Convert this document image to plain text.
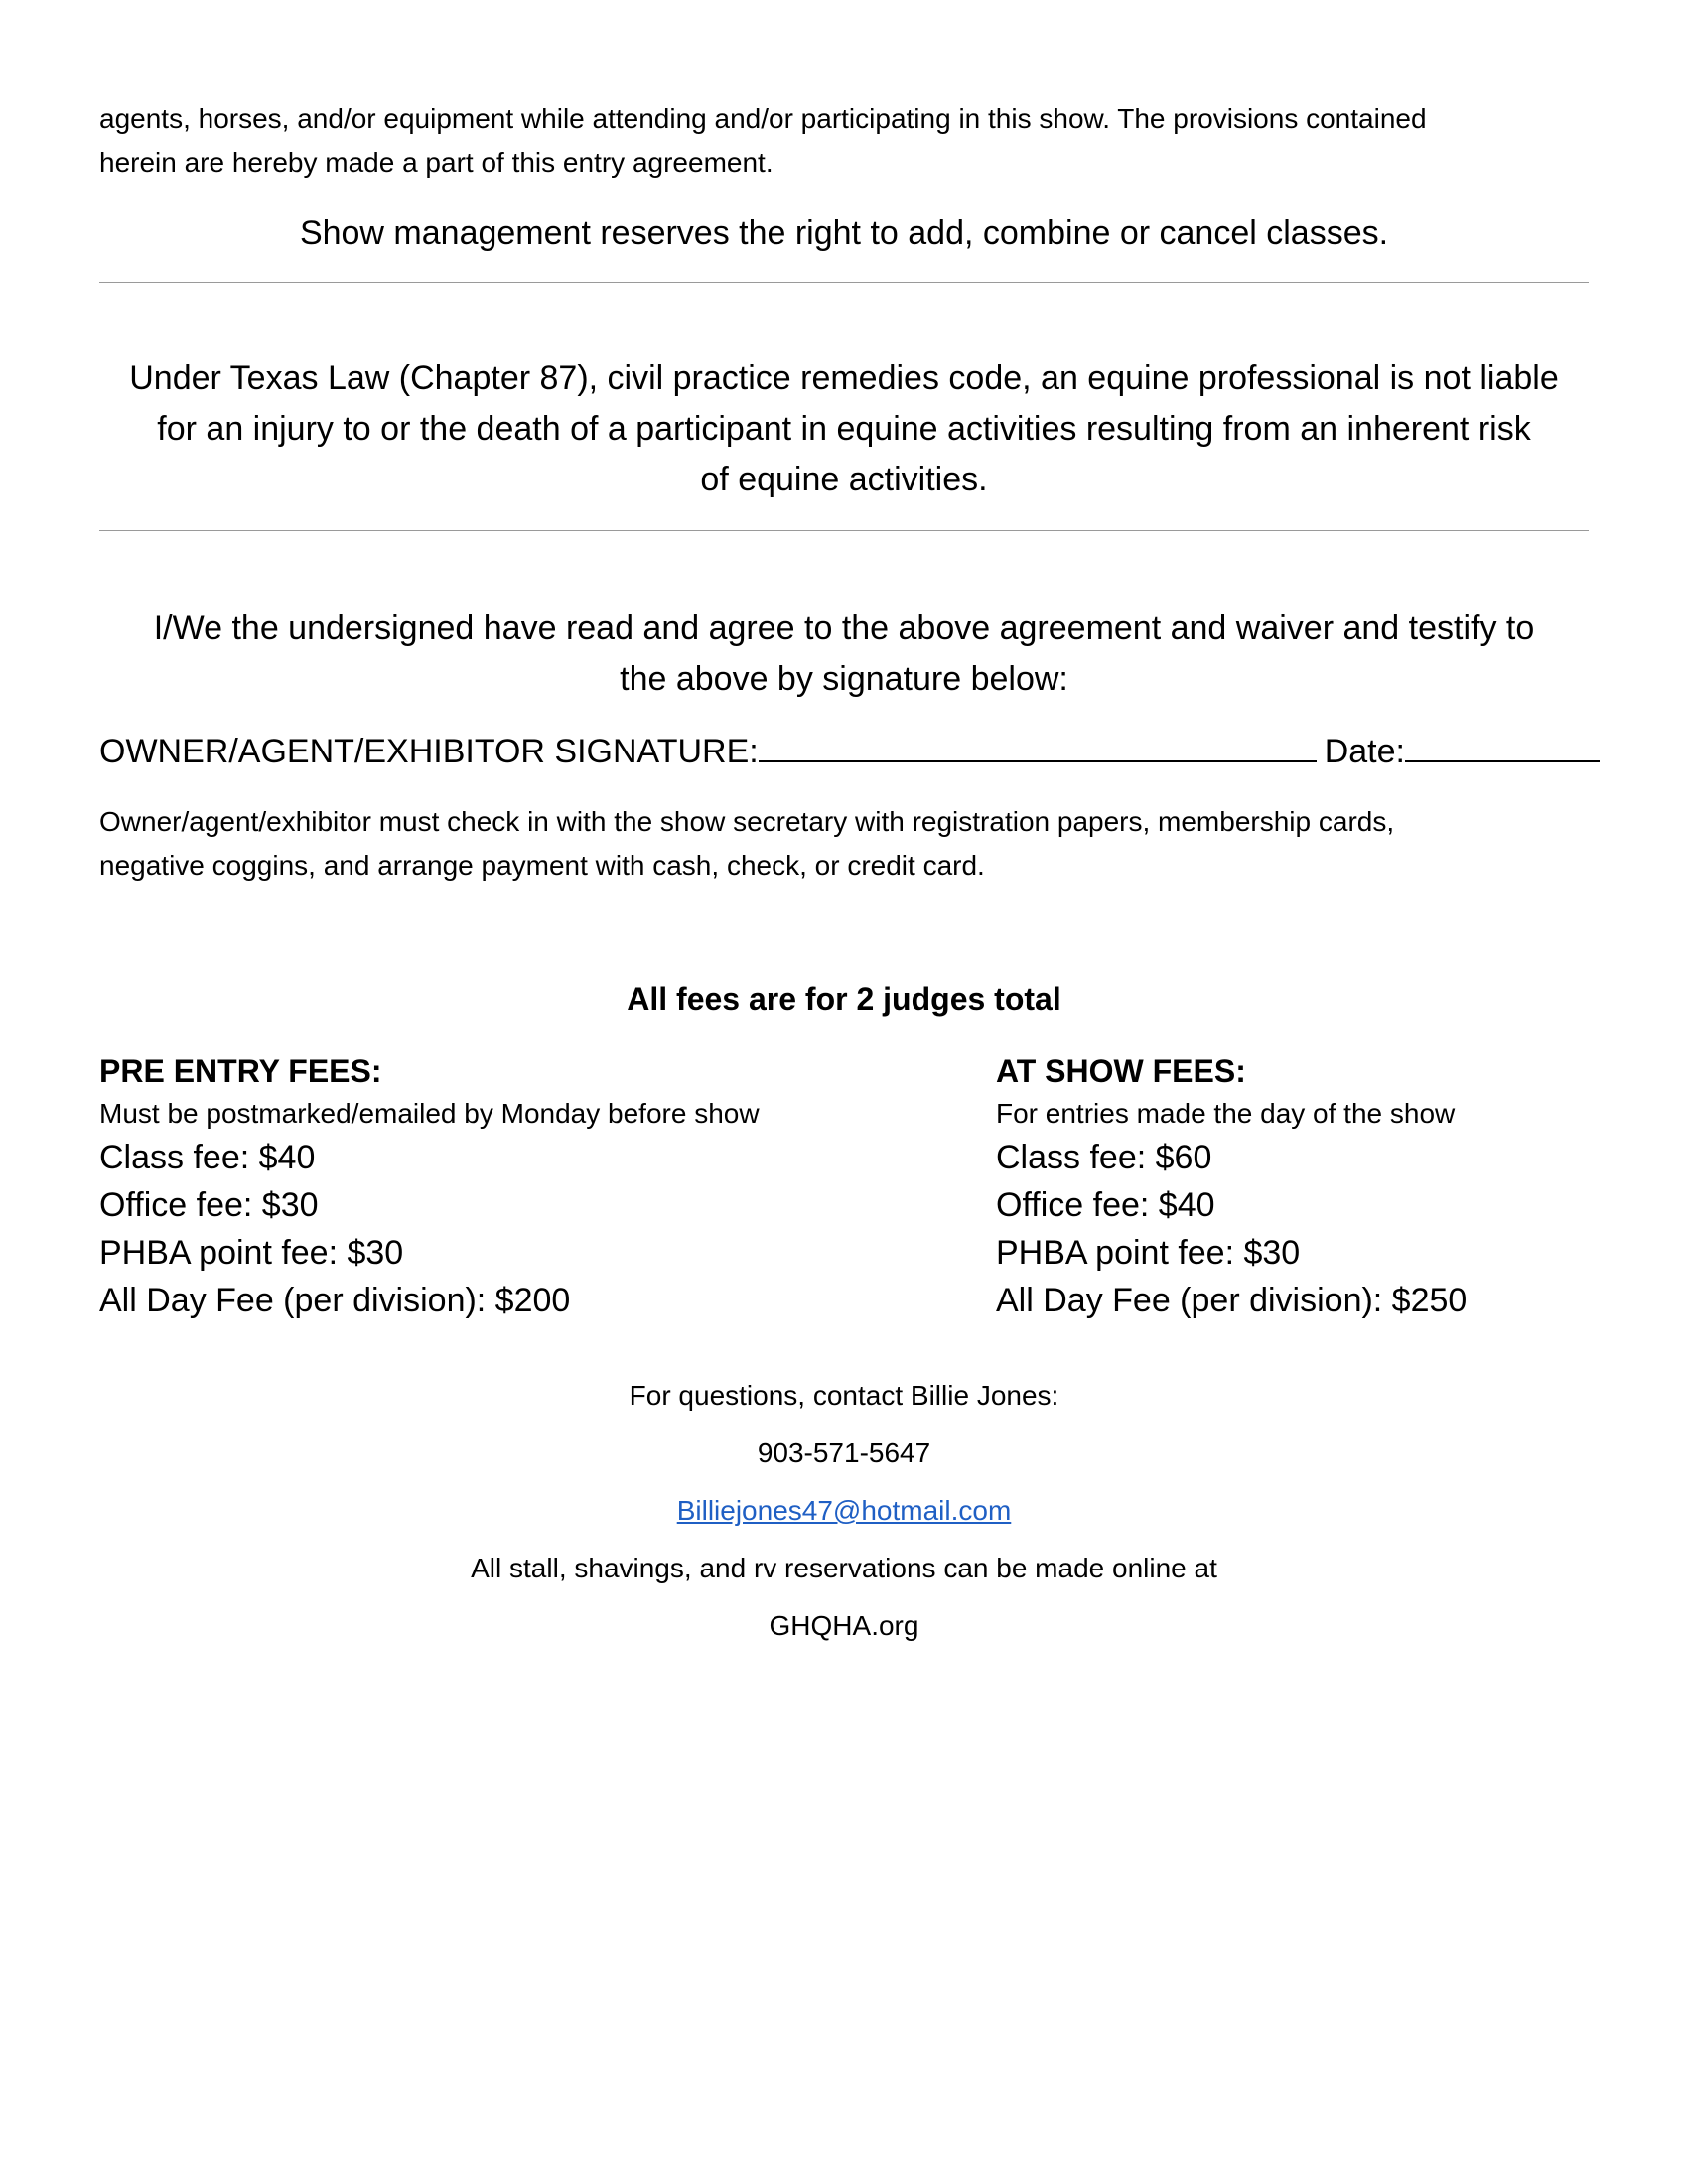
agents, horses, and/or equipment while attending and/or participating in this show. The provisions contained
herein are hereby made a part of this entry agreement.
Show management reserves the right to add, combine or cancel classes.
Under Texas Law (Chapter 87), civil practice remedies code, an equine professional is not liable
for an injury to or the death of a participant in equine activities resulting from an inherent risk
of equine activities.
I/We the undersigned have read and agree to the above agreement and waiver and testify to
the above by signature below:
OWNER/AGENT/EXHIBITOR SIGNATURE:	Date:
Owner/agent/exhibitor must check in with the show secretary with registration papers, membership cards,
negative coggins, and arrange payment with cash, check, or credit card.
All fees are for 2 judges total
PRE ENTRY FEES:
Must be postmarked/emailed by Monday before show
Class fee: $40
Office fee: $30
PHBA point fee: $30
All Day Fee (per division): $200
AT SHOW FEES:
For entries made the day of the show
Class fee: $60
Office fee: $40
PHBA point fee: $30
All Day Fee (per division): $250
For questions, contact Billie Jones:
903-571-5647
Billiejones47@hotmail.com
All stall, shavings, and rv reservations can be made online at
GHQHA.org
